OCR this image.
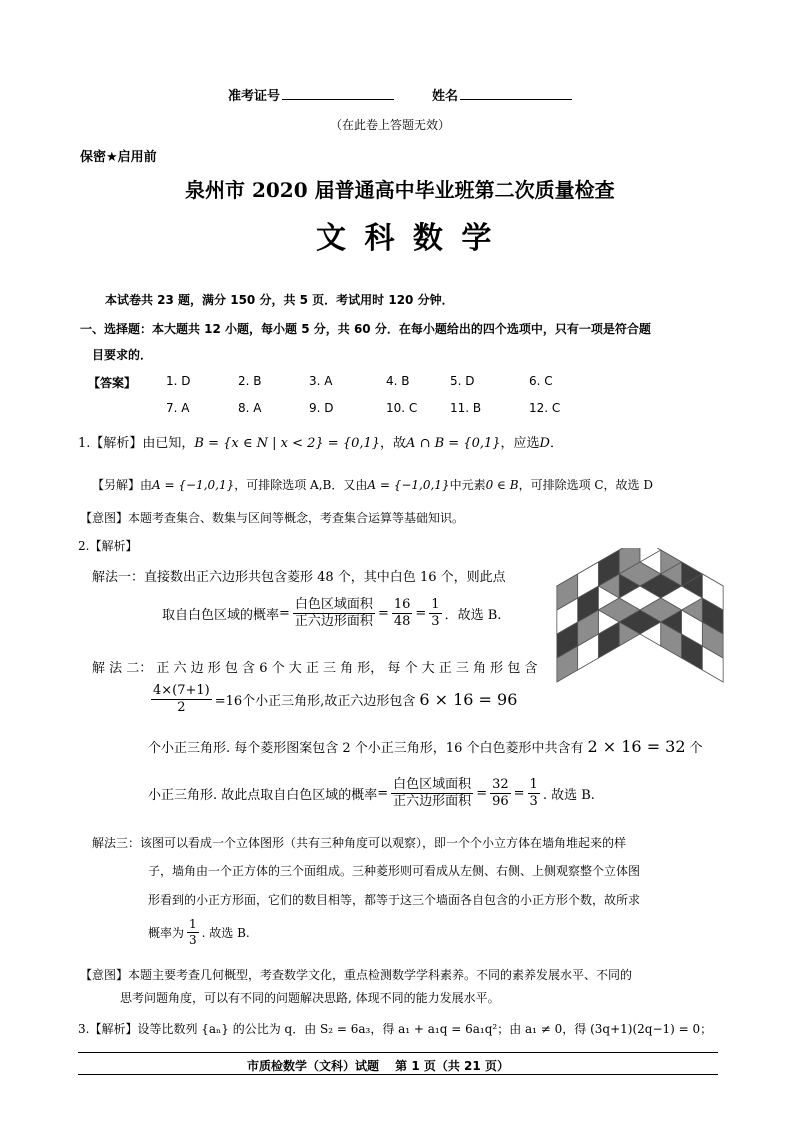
准考证号	姓名
（在此卷上答题无效）
保密★启用前
泉州市 2020 届普通高中毕业班第二次质量检查
文 科 数 学
本试卷共 23 题，满分 150 分，共 5 页．考试用时 120 分钟．
一、选择题：本大题共 12 小题，每小题 5 分，共 60 分．在每小题给出的四个选项中，只有一项是符合题
目要求的．
【答案】 1. D	2. B	3. A	4. B	5. D	6. C
7. A	8. A	9. D	10. C	11. B	12. C
1.【解析】由已知，B = {x ∈ N | x < 2} = {0,1}，故A ∩ B = {0,1}，应选D．
【另解】由A = {−1,0,1}，可排除选项 A,B．又由A = {−1,0,1}中元素0 ∈ B，可排除选项 C，故选 D
【意图】本题考查集合、数集与区间等概念，考查集合运算等基础知识。
2.【解析】
解法一：直接数出正六边形共包含菱形 48 个，其中白色 16 个，则此点
取自白色区域的概率 = $\frac{\text{白色区域面积}}{\text{正六边形面积}} = \frac{16}{48} = \frac{1}{3}$ ．故选 B.
解 法 二： 正 六 边 形 包 含 6 个 大 正 三 角 形， 每 个 大 正 三 角 形 包 含
$\frac{4\times(7+1)}{2} =16$个小正三角形,故正六边形包含 6 × 16 = 96
个小正三角形. 每个菱形图案包含 2 个小正三角形，16 个白色菱形中共含有 2 × 16 = 32 个
小正三角形. 故此点取自白色区域的概率 = $\frac{\text{白色区域面积}}{\text{正六边形面积}} = \frac{32}{96} = \frac{1}{3}$ . 故选 B.
解法三：该图可以看成一个立体图形（共有三种角度可以观察），即一个个小立方体在墙角堆起来的样
子，墙角由一个正方体的三个面组成。三种菱形则可看成从左侧、右侧、上侧观察整个立体图
形看到的小正方形面，它们的数目相等，都等于这三个墙面各自包含的小正方形个数，故所求
概率为 $\frac{1}{3}$ . 故选 B.
【意图】本题主要考查几何概型，考查数学文化，重点检测数学学科素养。不同的素养发展水平、不同的
思考问题角度，可以有不同的问题解决思路, 体现不同的能力发展水平。
3.【解析】设等比数列 {aₙ} 的公比为 q．由 S₂ = 6a₃，得 a₁ + a₁q = 6a₁q²；由 a₁ ≠ 0，得 (3q+1)(2q−1) = 0；
市质检数学（文科）试题　 第 1 页（共 21 页）
